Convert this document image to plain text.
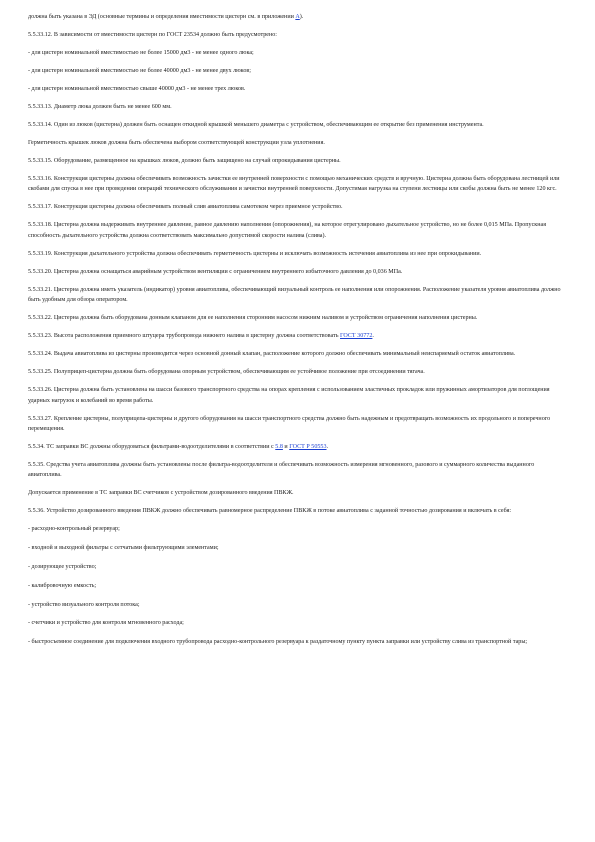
должна быть указана в ЭД (основные термины и определения вместимости цистерн см. в приложении А).

5.5.33.12. В зависимости от вместимости цистерн по ГОСТ 23534 должно быть предусмотрено:

- для цистерн номинальной вместимостью не более 15000 дм3 - не менее одного люка;

- для цистерн номинальной вместимостью не более 40000 дм3 - не менее двух люков;

- для цистерн номинальной вместимостью свыше 40000 дм3 - не менее трех люков.

5.5.33.13. Диаметр люка должен быть не менее 600 мм.

5.5.33.14. Один из люков (цистерна) должен быть оснащен откидной крышкой меньшего диаметра с устройством, обеспечивающим ее открытие без применения инструмента.

Герметичность крышек люков должна быть обеспечена выбором соответствующей конструкции узла уплотнения.

5.5.33.15. Оборудование, размещенное на крышках люков, должно быть защищено на случай опрокидывания цистерны.

5.5.33.16. Конструкция цистерны должна обеспечивать возможность зачистки ее внутренней поверхности с помощью механических средств и вручную. Цистерна должна быть оборудована лестницей или скобами для спуска в нее при проведении операций технического обслуживания и зачистки внутренней поверхности. Допустимая нагрузка на ступени лестницы или скобы должна быть не менее 120 кгс.

5.5.33.17. Конструкция цистерны должна обеспечивать полный слив авиатоплива самотеком через приемное устройство.

5.5.33.18. Цистерна должна выдерживать внутреннее давление, равное давлению наполнения (опорожнения), на которое отрегулировано дыхательное устройство, но не более 0,015 МПа. Пропускная способность дыхательного устройства должна соответствовать максимально допустимой скорости налива (слива).

5.5.33.19. Конструкция дыхательного устройства должна обеспечивать герметичность цистерны и исключать возможность истечения авиатоплива из нее при опрокидывании.

5.5.33.20. Цистерна должна оснащаться аварийным устройством вентиляции с ограничением внутреннего избыточного давления до 0,036 МПа.

5.5.33.21. Цистерна должна иметь указатель (индикатор) уровня авиатоплива, обеспечивающий визуальный контроль ее наполнения или опорожнения. Расположение указателя уровня авиатоплива должно быть удобным для обзора оператором.

5.5.33.22. Цистерна должна быть оборудована донным клапаном для ее наполнения сторонним насосом нижним наливом и устройством ограничения наполнения цистерны.

5.5.33.23. Высота расположения приемного штуцера трубопровода нижнего налива в цистерну должна соответствовать ГОСТ 30772.

5.5.33.24. Выдача авиатоплива из цистерны производится через основной донный клапан, расположение которого должно обеспечивать минимальный неиспаряемый остаток авиатоплива.

5.5.33.25. Полуприцеп-цистерна должна быть оборудована опорным устройством, обеспечивающим ее устойчивое положение при отсоединении тягача.

5.5.33.26. Цистерна должна быть установлена на шасси базового транспортного средства на опорах крепления с использованием эластичных прокладок или пружинных амортизаторов для поглощения ударных нагрузок и колебаний во время работы.

5.5.33.27. Крепление цистерны, полуприцепа-цистерны и другого оборудования на шасси транспортного средства должно быть надежным и предотвращать возможность их продольного и поперечного перемещения.

5.5.34. ТС заправки ВС должны оборудоваться фильтрами-водоотделителями в соответствии с 5.8 и ГОСТ Р 50553.

5.5.35. Средства учета авиатоплива должны быть установлены после фильтра-водоотделителя и обеспечивать возможность измерения мгновенного, разового и суммарного количества выданного авиатоплива.

Допускается применение в ТС заправки ВС счетчиков с устройством дозированного введения ПВКЖ.

5.5.36. Устройство дозированного введения ПВКЖ должно обеспечивать равномерное распределение ПВКЖ в потоке авиатоплива с заданной точностью дозирования и включать в себя:

- расходно-контрольный резервуар;

- входной и выходной фильтры с сетчатыми фильтрующими элементами;

- дозирующее устройство;

- калибровочную емкость;

- устройство визуального контроля потока;

- счетчики и устройство для контроля мгновенного расхода;

- быстросъемное соединение для подключения входного трубопровода расходно-контрольного резервуара к раздаточному пункту пункта заправки или устройству слива из транспортной тары;
